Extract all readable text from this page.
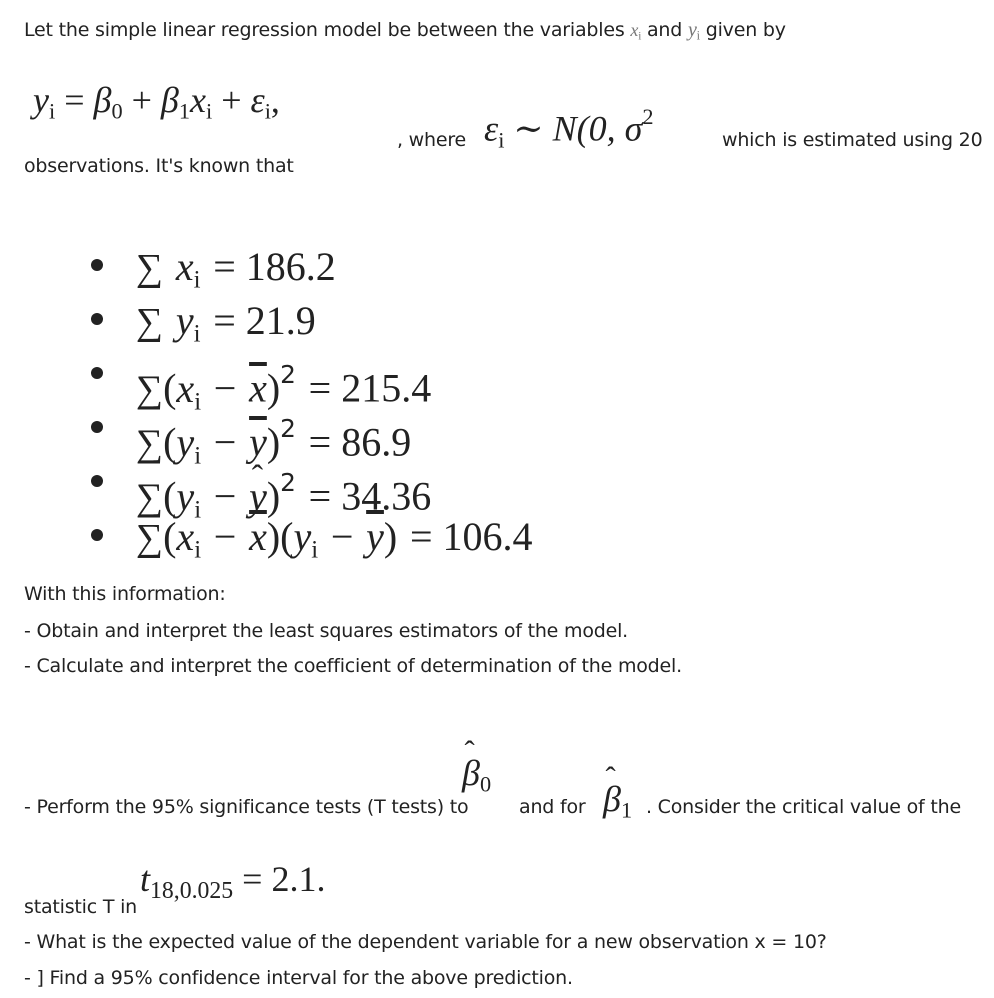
Let the simple linear regression model be between the variables $x_i$ and $y_i$ given by
$y_i = \beta_0 + \beta_1x_i + \varepsilon_i$,
, where $\varepsilon_i$ ∼ N(0, $\sigma^2$
which is estimated using 20
observations. It's known that
∑ $x_i = 186.2$
∑ $y_i = 21.9$
$\sum(x_i - \overline{x})^2 = 215.4$
$\sum(y_i - \overline{y})^2 = 86.9$
$\sum(y_i$ − ˆ y)$^2$ = 34.36
$\sum(x_i - \overline{x})(y_i - \overline{y}) = 106.4$
With this information:
- Obtain and interpret the least squares estimators of the model.
- Calculate and interpret the coefficient of determination of the model.
- Perform the 95% significance tests (T tests) to
ˆ $\beta_0$
and for ˆ $\beta_1$ . Consider the critical value of the
$t_{18,0.025} = 2.1$.
statistic T in
- What is the expected value of the dependent variable for a new observation x = 10?
- ] Find a 95% confidence interval for the above prediction.
